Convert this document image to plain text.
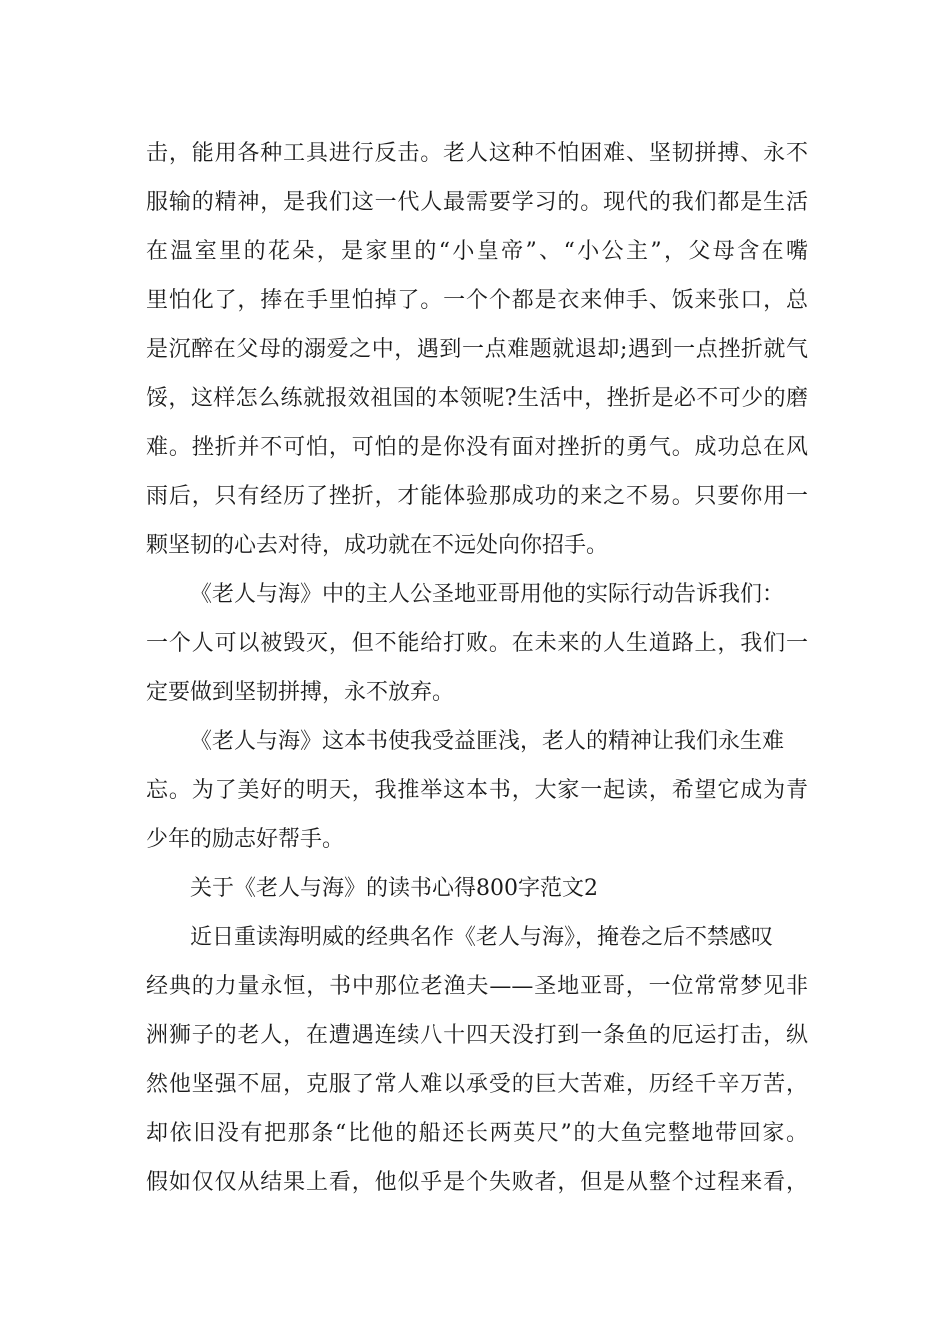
击，能用各种工具进行反击。老人这种不怕困难、坚韧拼搏、永不
服输的精神，是我们这一代人最需要学习的。现代的我们都是生活
在温室里的花朵，是家里的“小皇帝”、“小公主”，父母含在嘴
里怕化了，捧在手里怕掉了。一个个都是衣来伸手、饭来张口，总
是沉醉在父母的溺爱之中，遇到一点难题就退却;遇到一点挫折就气
馁，这样怎么练就报效祖国的本领呢?生活中，挫折是必不可少的磨
难。挫折并不可怕，可怕的是你没有面对挫折的勇气。成功总在风
雨后，只有经历了挫折，才能体验那成功的来之不易。只要你用一
颗坚韧的心去对待，成功就在不远处向你招手。
《老人与海》中的主人公圣地亚哥用他的实际行动告诉我们：
一个人可以被毁灭，但不能给打败。在未来的人生道路上，我们一
定要做到坚韧拼搏，永不放弃。
《老人与海》这本书使我受益匪浅，老人的精神让我们永生难
忘。为了美好的明天，我推举这本书，大家一起读，希望它成为青
少年的励志好帮手。
关于《老人与海》的读书心得800字范文2
近日重读海明威的经典名作《老人与海》，掩卷之后不禁感叹
经典的力量永恒，书中那位老渔夫——圣地亚哥，一位常常梦见非
洲狮子的老人，在遭遇连续八十四天没打到一条鱼的厄运打击，纵
然他坚强不屈，克服了常人难以承受的巨大苦难，历经千辛万苦，
却依旧没有把那条“比他的船还长两英尺”的大鱼完整地带回家。
假如仅仅从结果上看，他似乎是个失败者，但是从整个过程来看，
